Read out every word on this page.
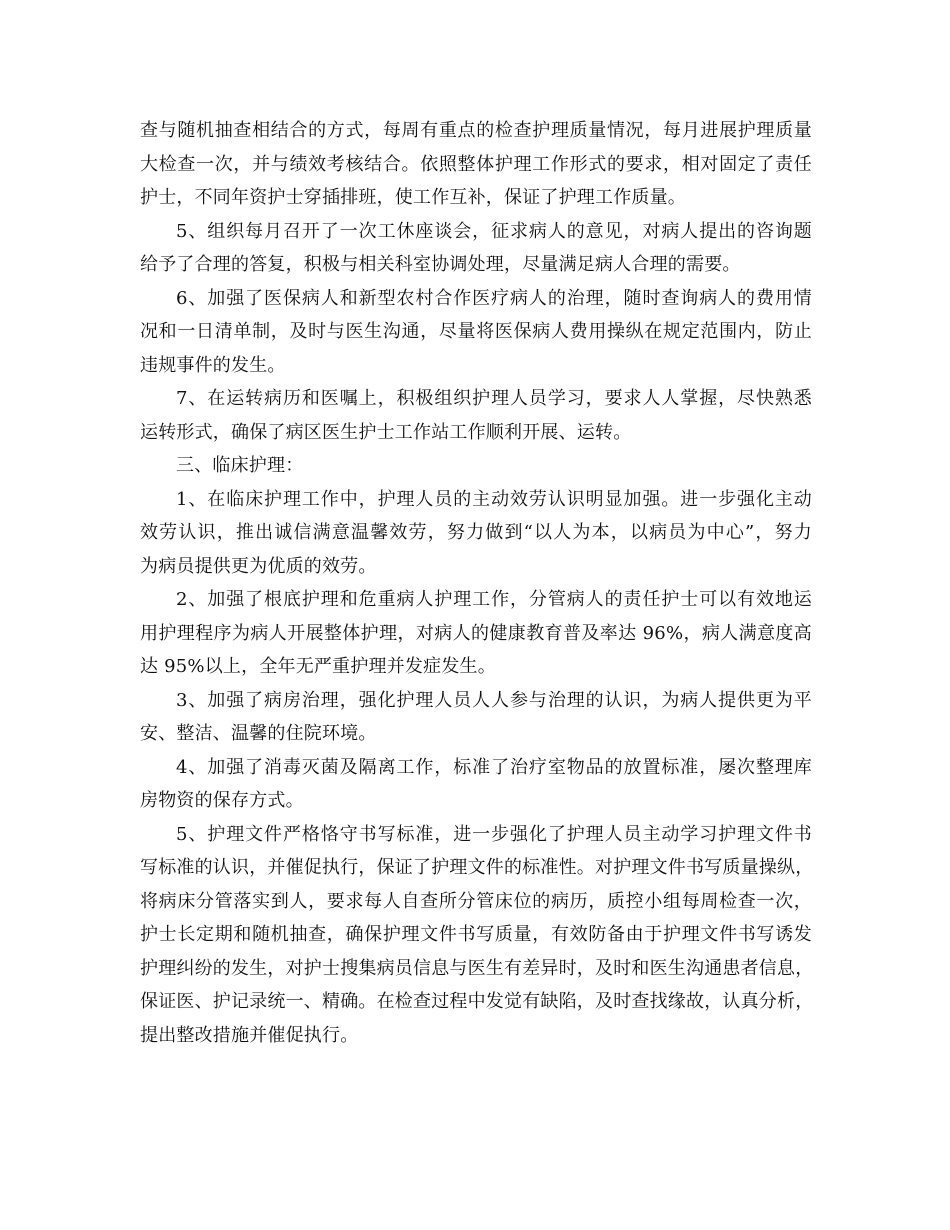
查与随机抽查相结合的方式，每周有重点的检查护理质量情况，每月进展护理质量
大检查一次，并与绩效考核结合。依照整体护理工作形式的要求，相对固定了责任
护士，不同年资护士穿插排班，使工作互补，保证了护理工作质量。
5、组织每月召开了一次工休座谈会，征求病人的意见，对病人提出的咨询题
给予了合理的答复，积极与相关科室协调处理，尽量满足病人合理的需要。
6、加强了医保病人和新型农村合作医疗病人的治理，随时查询病人的费用情
况和一日清单制，及时与医生沟通，尽量将医保病人费用操纵在规定范围内，防止
违规事件的发生。
7、在运转病历和医嘱上，积极组织护理人员学习，要求人人掌握，尽快熟悉
运转形式，确保了病区医生护士工作站工作顺利开展、运转。
三、临床护理：
1、在临床护理工作中，护理人员的主动效劳认识明显加强。进一步强化主动
效劳认识，推出诚信满意温馨效劳，努力做到“以人为本，以病员为中心”，努力
为病员提供更为优质的效劳。
2、加强了根底护理和危重病人护理工作，分管病人的责任护士可以有效地运
用护理程序为病人开展整体护理，对病人的健康教育普及率达 96%，病人满意度高
达 95%以上，全年无严重护理并发症发生。
3、加强了病房治理，强化护理人员人人参与治理的认识，为病人提供更为平
安、整洁、温馨的住院环境。
4、加强了消毒灭菌及隔离工作，标准了治疗室物品的放置标准，屡次整理库
房物资的保存方式。
5、护理文件严格恪守书写标准，进一步强化了护理人员主动学习护理文件书
写标准的认识，并催促执行，保证了护理文件的标准性。对护理文件书写质量操纵，
将病床分管落实到人，要求每人自查所分管床位的病历，质控小组每周检查一次，
护士长定期和随机抽查，确保护理文件书写质量，有效防备由于护理文件书写诱发
护理纠纷的发生，对护士搜集病员信息与医生有差异时，及时和医生沟通患者信息，
保证医、护记录统一、精确。在检查过程中发觉有缺陷，及时查找缘故，认真分析，
提出整改措施并催促执行。
